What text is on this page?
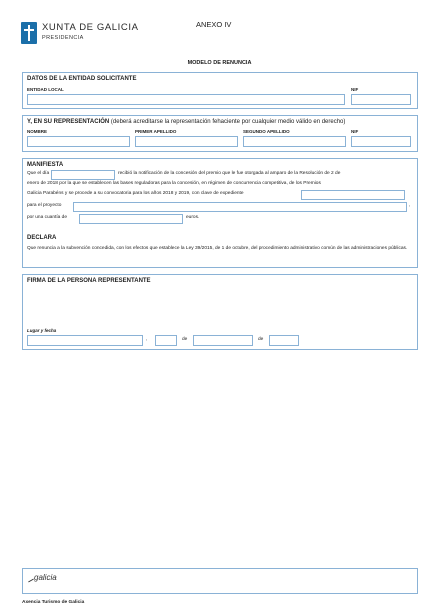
XUNTA DE GALICIA
PRESIDENCIA
ANEXO IV
MODELO DE RENUNCIA
DATOS DE LA ENTIDAD SOLICITANTE
ENTIDAD LOCAL	NIF
Y, EN SU REPRESENTACIÓN (deberá acreditarse la representación fehaciente por cualquier medio válido en derecho)
NOMBRE	PRIMER APELLIDO	SEGUNDO APELLIDO	NIF
MANIFIESTA
Que el día	recibió la notificación de la concesión del premio que le fue otorgada al amparo de la Resolución de 2 de
enero de 2018 por la que se establecen las bases reguladoras para la concesión, en régimen de concurrencia competitiva, de los Premios
Galicia Parabéns y se procede a su convocatoria para los años 2018 y 2019, con clave de expediente
para el proyecto	,
por una cuantía de	euros.
DECLARA
Que renuncia a la subvención concedida, con los efectos que establece la Ley 39/2015, de 1 de octubre, del procedimiento administrativo común de las administraciones públicas.
FIRMA DE LA PERSONA REPRESENTANTE
Lugar y fecha
,	de	de
galicia
Axencia Turismo de Galicia
